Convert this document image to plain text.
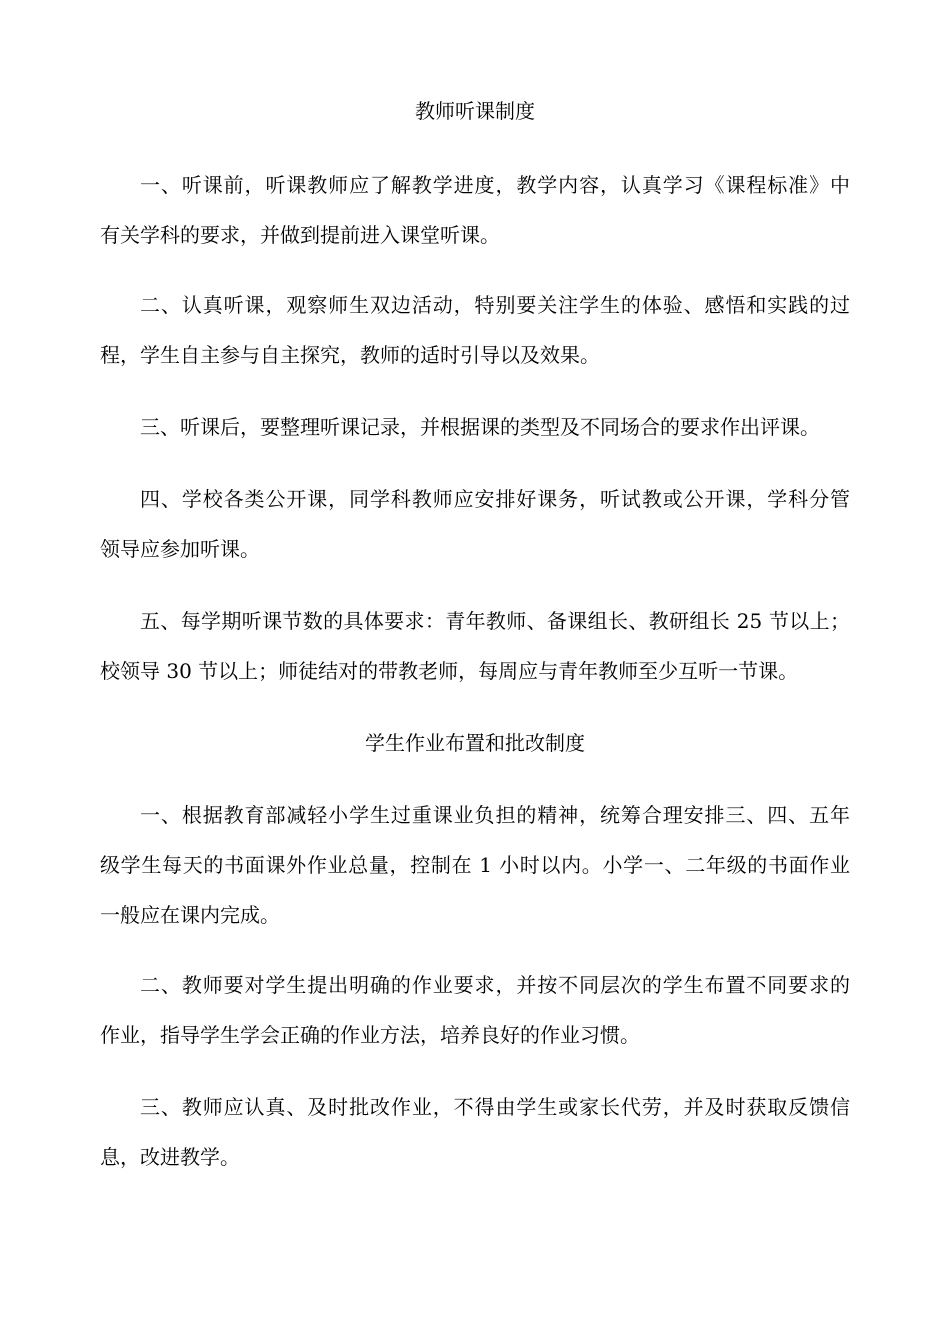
教师听课制度
一、听课前，听课教师应了解教学进度，教学内容，认真学习《课程标准》中
有关学科的要求，并做到提前进入课堂听课。
二、认真听课，观察师生双边活动，特别要关注学生的体验、感悟和实践的过
程，学生自主参与自主探究，教师的适时引导以及效果。
三、听课后，要整理听课记录，并根据课的类型及不同场合的要求作出评课。
四、学校各类公开课，同学科教师应安排好课务，听试教或公开课，学科分管
领导应参加听课。
五、每学期听课节数的具体要求：青年教师、备课组长、教研组长 25 节以上；
校领导 30 节以上；师徒结对的带教老师，每周应与青年教师至少互听一节课。
学生作业布置和批改制度
一、根据教育部减轻小学生过重课业负担的精神，统筹合理安排三、四、五年
级学生每天的书面课外作业总量，控制在 1 小时以内。小学一、二年级的书面作业
一般应在课内完成。
二、教师要对学生提出明确的作业要求，并按不同层次的学生布置不同要求的
作业，指导学生学会正确的作业方法，培养良好的作业习惯。
三、教师应认真、及时批改作业，不得由学生或家长代劳，并及时获取反馈信
息，改进教学。
